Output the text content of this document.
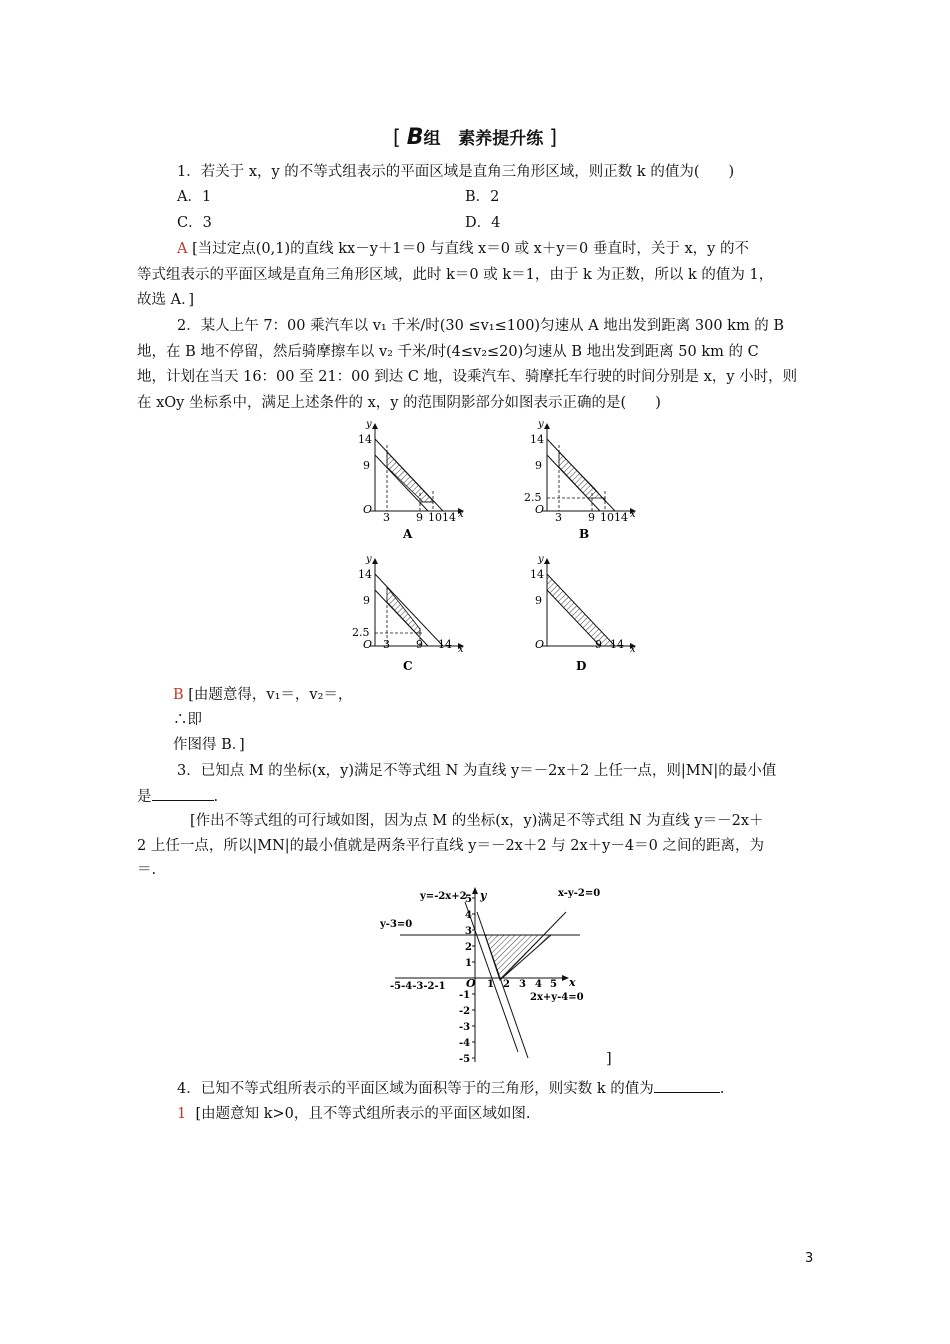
[ B组 素养提升练 ]
1．若关于 x，y 的不等式组表示的平面区域是直角三角形区域，则正数 k 的值为(　　)
A．1	B．2
C．3	D．4
A [当过定点(0,1)的直线 kx－y＋1＝0 与直线 x＝0 或 x＋y＝0 垂直时，关于 x，y 的不
等式组表示的平面区域是直角三角形区域，此时 k＝0 或 k＝1，由于 k 为正数，所以 k 的值为 1，
故选 A．]
2．某人上午 7：00 乘汽车以 v₁ 千米/时(30 ≤v₁≤100)匀速从 A 地出发到距离 300 km 的 B
地，在 B 地不停留，然后骑摩擦车以 v₂ 千米/时(4≤v₂≤20)匀速从 B 地出发到距离 50 km 的 C
地，计划在当天 16：00 至 21：00 到达 C 地，设乘汽车、骑摩托车行驶的时间分别是 x，y 小时，则
在 xOy 坐标系中，满足上述条件的 x，y 的范围阴影部分如图表示正确的是(　　)
y
14
9
O
3 9 1014 x
A
y
14
9
2.5
O
3 9 1014 x
B
y
14
9
2.5
O 3 9 14 x
C
y
14
9
O	9 14 x
D
B [由题意得，v₁＝，v₂＝，
∴即
作图得 B．]
3．已知点 M 的坐标(x，y)满足不等式组 N 为直线 y＝－2x＋2 上任一点，则|MN|的最小值
是	.
[作出不等式组的可行域如图，因为点 M 的坐标(x，y)满足不等式组 N 为直线 y＝－2x＋
2 上任一点，所以|MN|的最小值就是两条平行直线 y＝－2x＋2 与 2x＋y－4＝0 之间的距离，为
＝.
y=-2x+2 y	x-y-2=0
y-3=0
2x+y-4=0
x
O
-5-4-3-2-1	1 2 3 4 5
5
4
3
2
1
-1
-2
-3
-4
-5	]
4．已知不等式组所表示的平面区域为面积等于的三角形，则实数 k 的值为	.
1 [由题意知 k>0，且不等式组所表示的平面区域如图.
3
